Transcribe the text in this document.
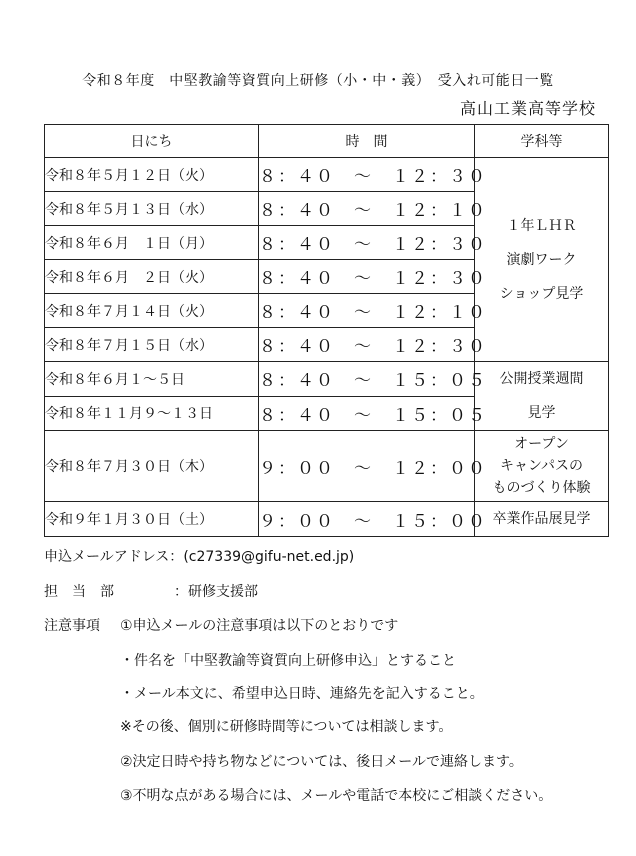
令和８年度　中堅教諭等資質向上研修（小・中・義）　受入れ可能日一覧
高山工業高等学校
日にち	時　間	学科等
令和８年５月１２日（火）	８：４０　～　１２：３０	１年ＬＨＲ
演劇ワーク
ショップ見学

令和８年５月１３日（水）	８：４０　～　１２：１０	
令和８年６月　１日（月）	８：４０　～　１２：３０	
令和８年６月　２日（火）	８：４０　～　１２：３０	
令和８年７月１４日（火）	８：４０　～　１２：１０	
令和８年７月１５日（水）	８：４０　～　１２：３０	
令和８年６月１～５日	８：４０　～　１５：０５	公開授業週間
見学

令和８年１１月９～１３日	８：４０　～　１５：０５	
令和８年７月３０日（木）	９：００　～　１２：００	オープン
キャンパスの
ものづくり体験

令和９年１月３０日（土）	９：００　～　１５：００	卒業作品展見学
申込メールアドレス：(c27339@gifu-net.ed.jp)
担　当　部	：研修支援部
注意事項 ①申込メールの注意事項は以下のとおりです
・件名を「中堅教諭等資質向上研修申込」とすること
・メール本文に、希望申込日時、連絡先を記入すること。
※その後、個別に研修時間等については相談します。
②決定日時や持ち物などについては、後日メールで連絡します。
③不明な点がある場合には、メールや電話で本校にご相談ください。
